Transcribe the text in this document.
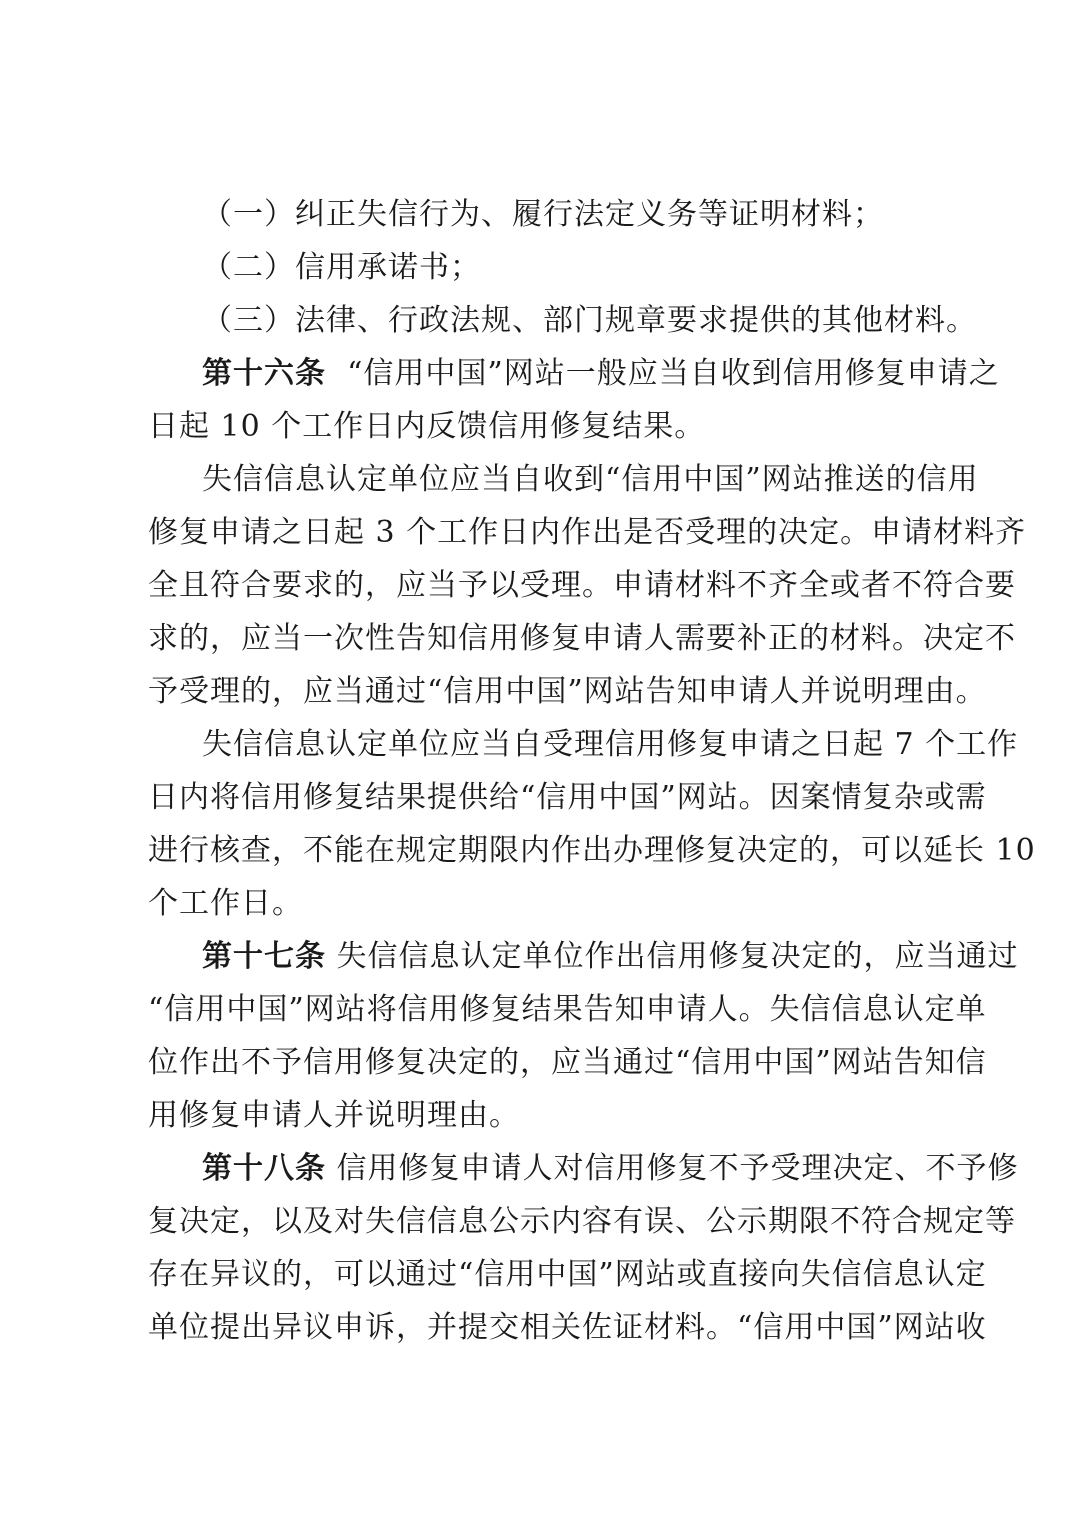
（一）纠正失信行为、履行法定义务等证明材料；
（二）信用承诺书；
（三）法律、行政法规、部门规章要求提供的其他材料。
第十六条 “信用中国”网站一般应当自收到信用修复申请之
日起 10 个工作日内反馈信用修复结果。
失信信息认定单位应当自收到“信用中国”网站推送的信用
修复申请之日起 3 个工作日内作出是否受理的决定。申请材料齐
全且符合要求的，应当予以受理。申请材料不齐全或者不符合要
求的，应当一次性告知信用修复申请人需要补正的材料。决定不
予受理的，应当通过“信用中国”网站告知申请人并说明理由。
失信信息认定单位应当自受理信用修复申请之日起 7 个工作
日内将信用修复结果提供给“信用中国”网站。因案情复杂或需
进行核查，不能在规定期限内作出办理修复决定的，可以延长 10
个工作日。
第十七条 失信信息认定单位作出信用修复决定的，应当通过
“信用中国”网站将信用修复结果告知申请人。失信信息认定单
位作出不予信用修复决定的，应当通过“信用中国”网站告知信
用修复申请人并说明理由。
第十八条 信用修复申请人对信用修复不予受理决定、不予修
复决定，以及对失信信息公示内容有误、公示期限不符合规定等
存在异议的，可以通过“信用中国”网站或直接向失信信息认定
单位提出异议申诉，并提交相关佐证材料。“信用中国”网站收
